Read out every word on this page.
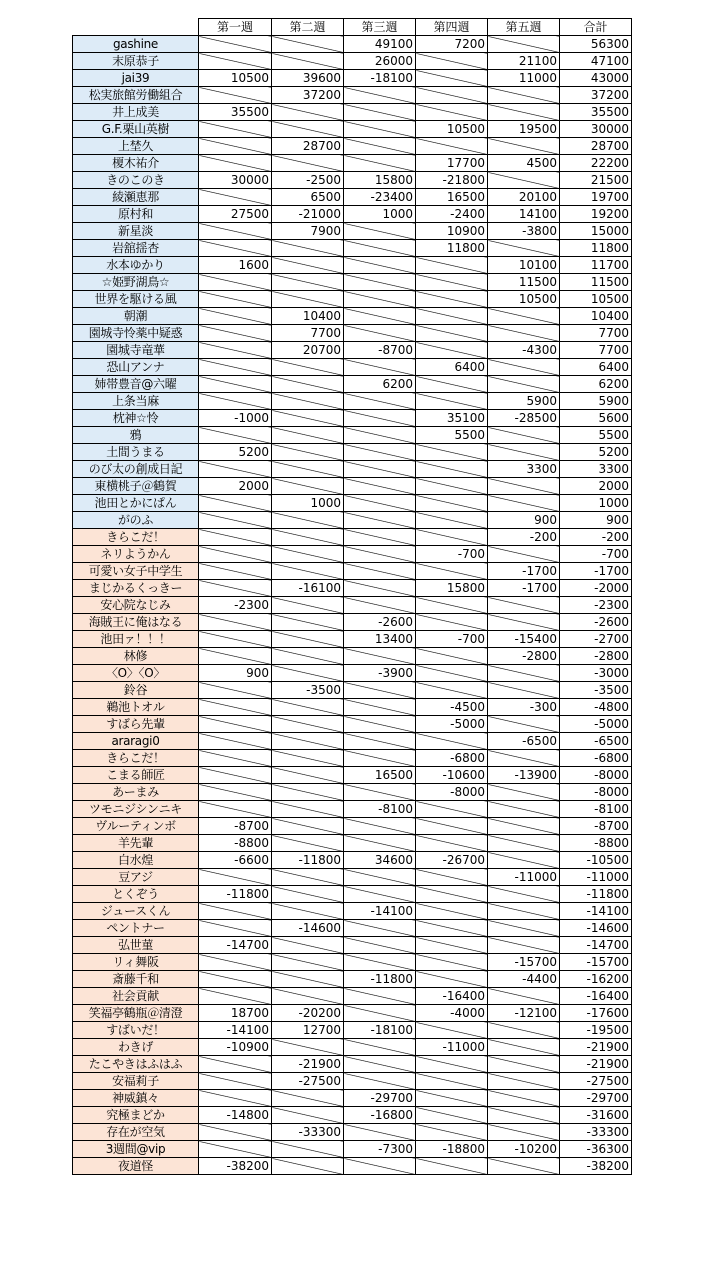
	第一週	第二週	第三週	第四週	第五週	合計
gashine			49100	7200		56300
末原恭子			26000		21100	47100
jai39	10500	39600	-18100		11000	43000
松実旅館労働組合		37200				37200
井上成美	35500					35500
G.F.栗山英樹				10500	19500	30000
上埜久		28700				28700
榎木祐介				17700	4500	22200
きのこのき	30000	-2500	15800	-21800		21500
綾瀬恵那		6500	-23400	16500	20100	19700
原村和	27500	-21000	1000	-2400	14100	19200
新星淡		7900		10900	-3800	15000
岩舘揺杏				11800		11800
水本ゆかり	1600				10100	11700
☆姫野湖鳥☆					11500	11500
世界を駆ける風					10500	10500
朝潮		10400				10400
園城寺怜薬中疑惑		7700				7700
園城寺竜華		20700	-8700		-4300	7700
恐山アンナ				6400		6400
姉帯豊音@六曜			6200			6200
上条当麻					5900	5900
枕神☆怜	-1000			35100	-28500	5600
鴉				5500		5500
土間うまる	5200					5200
のび太の創成日記					3300	3300
東横桃子＠鶴賀	2000					2000
池田とかにぱん		1000				1000
がのふ					900	900
きらこだ！					-200	-200
ネリようかん				-700		-700
可愛い女子中学生					-1700	-1700
まじかるくっきー		-16100		15800	-1700	-2000
安心院なじみ	-2300					-2300
海賊王に俺はなる			-2600			-2600
池田ァ！！！			13400	-700	-15400	-2700
林修					-2800	-2800
〈O〉〈O〉	900		-3900			-3000
鈴谷		-3500				-3500
鵜池トオル				-4500	-300	-4800
すばら先輩				-5000		-5000
araragi0					-6500	-6500
きらこだ！				-6800		-6800
こまる師匠			16500	-10600	-13900	-8000
あーまみ				-8000		-8000
ツモニジシンニキ			-8100			-8100
ヴルーティンボ	-8700					-8700
羊先輩	-8800					-8800
白水煌	-6600	-11800	34600	-26700		-10500
豆アジ					-11000	-11000
とくぞう	-11800					-11800
ジュースくん			-14100			-14100
ペントナー		-14600				-14600
弘世菫	-14700					-14700
リィ舞阪					-15700	-15700
斎藤千和			-11800		-4400	-16200
社会貢献				-16400		-16400
笑福亭鶴瓶＠清澄	18700	-20200		-4000	-12100	-17600
すばいだ！	-14100	12700	-18100			-19500
わきげ	-10900			-11000		-21900
たこやきはふはふ		-21900				-21900
安福莉子		-27500				-27500
神威鎮々			-29700			-29700
究極まどか	-14800		-16800			-31600
存在が空気		-33300				-33300
3週間@vip			-7300	-18800	-10200	-36300
夜道怪	-38200					-38200
